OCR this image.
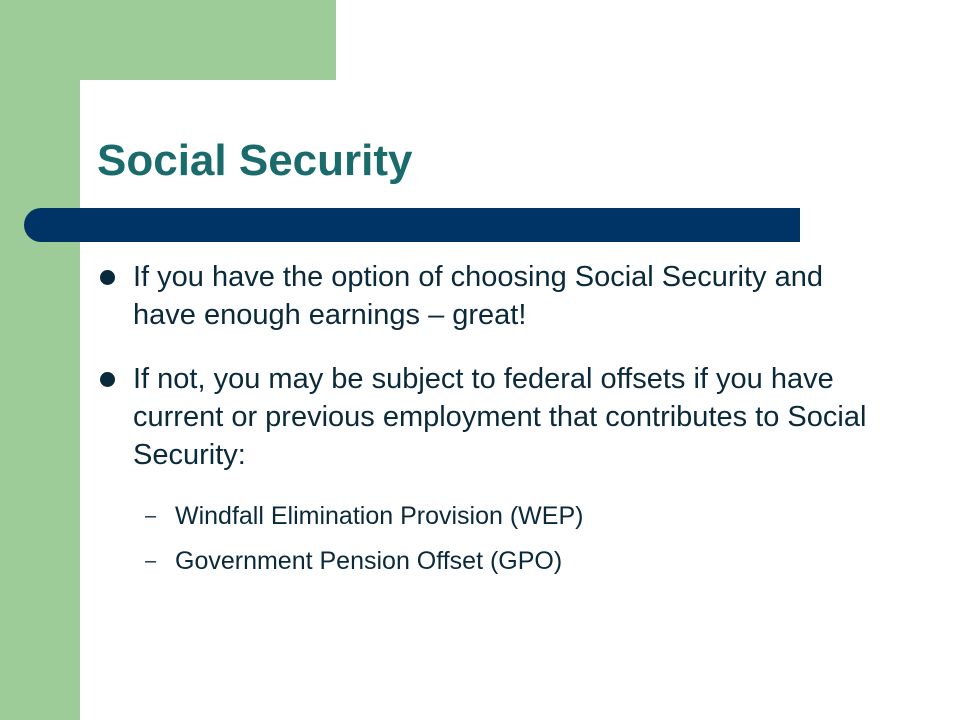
Social Security
If you have the option of choosing Social Security and have enough earnings – great!
If not, you may be subject to federal offsets if you have current or previous employment that contributes to Social Security:
– Windfall Elimination Provision (WEP)
– Government Pension Offset (GPO)
